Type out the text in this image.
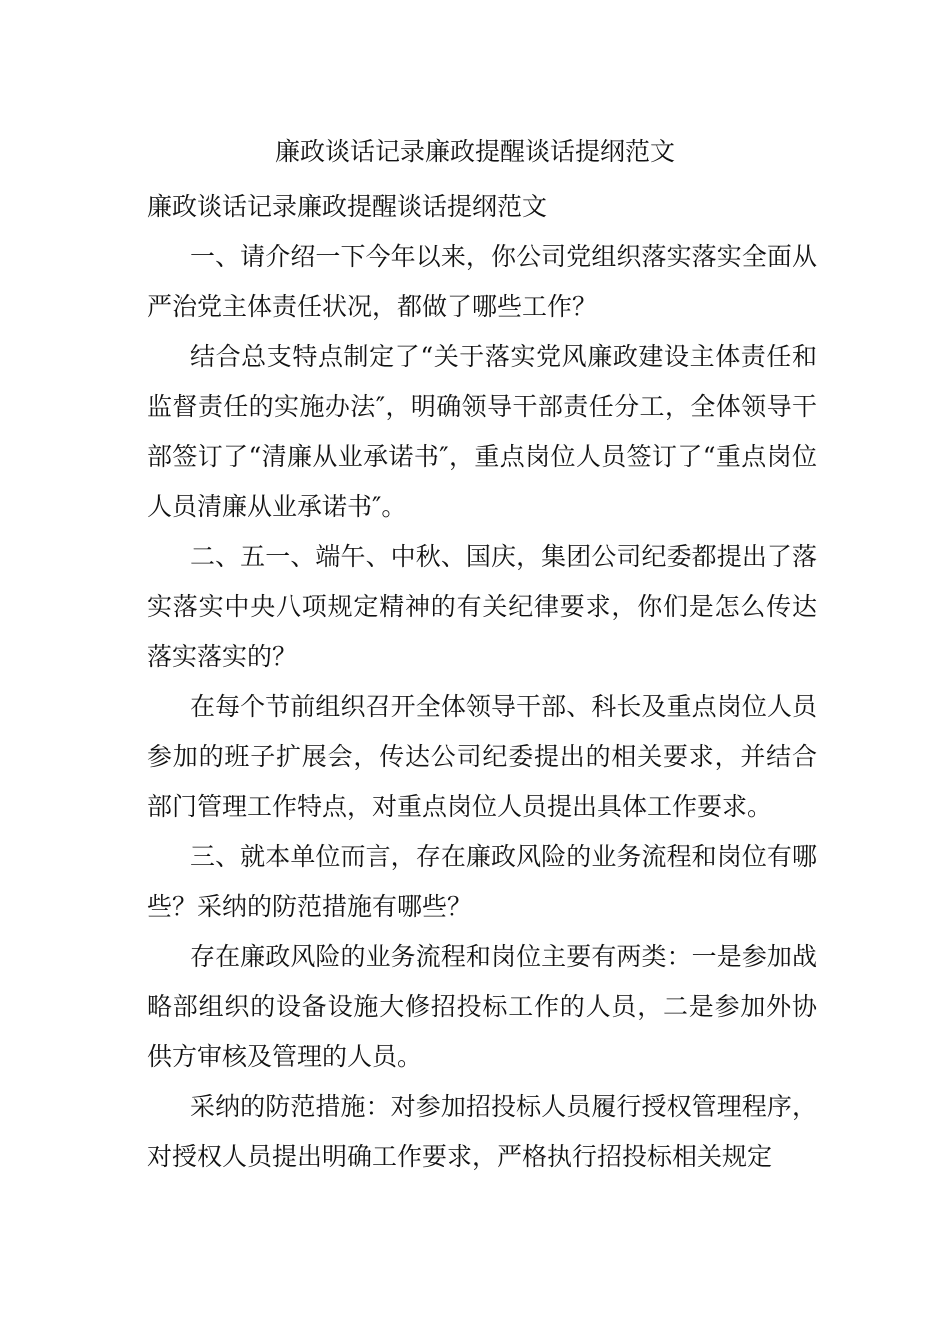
廉政谈话记录廉政提醒谈话提纲范文

廉政谈话记录廉政提醒谈话提纲范文

一、请介绍一下今年以来，你公司党组织落实落实全面从严治党主体责任状况，都做了哪些工作？

结合总支特点制定了“关于落实党风廉政建设主体责任和监督责任的实施办法″，明确领导干部责任分工，全体领导干部签订了“清廉从业承诺书″，重点岗位人员签订了“重点岗位人员清廉从业承诺书″。

二、五一、端午、中秋、国庆，集团公司纪委都提出了落实落实中央八项规定精神的有关纪律要求，你们是怎么传达落实落实的？

在每个节前组织召开全体领导干部、科长及重点岗位人员参加的班子扩展会，传达公司纪委提出的相关要求，并结合部门管理工作特点，对重点岗位人员提出具体工作要求。

三、就本单位而言，存在廉政风险的业务流程和岗位有哪些？采纳的防范措施有哪些？

存在廉政风险的业务流程和岗位主要有两类：一是参加战略部组织的设备设施大修招投标工作的人员，二是参加外协供方审核及管理的人员。

采纳的防范措施：对参加招投标人员履行授权管理程序，对授权人员提出明确工作要求，严格执行招投标相关规定
